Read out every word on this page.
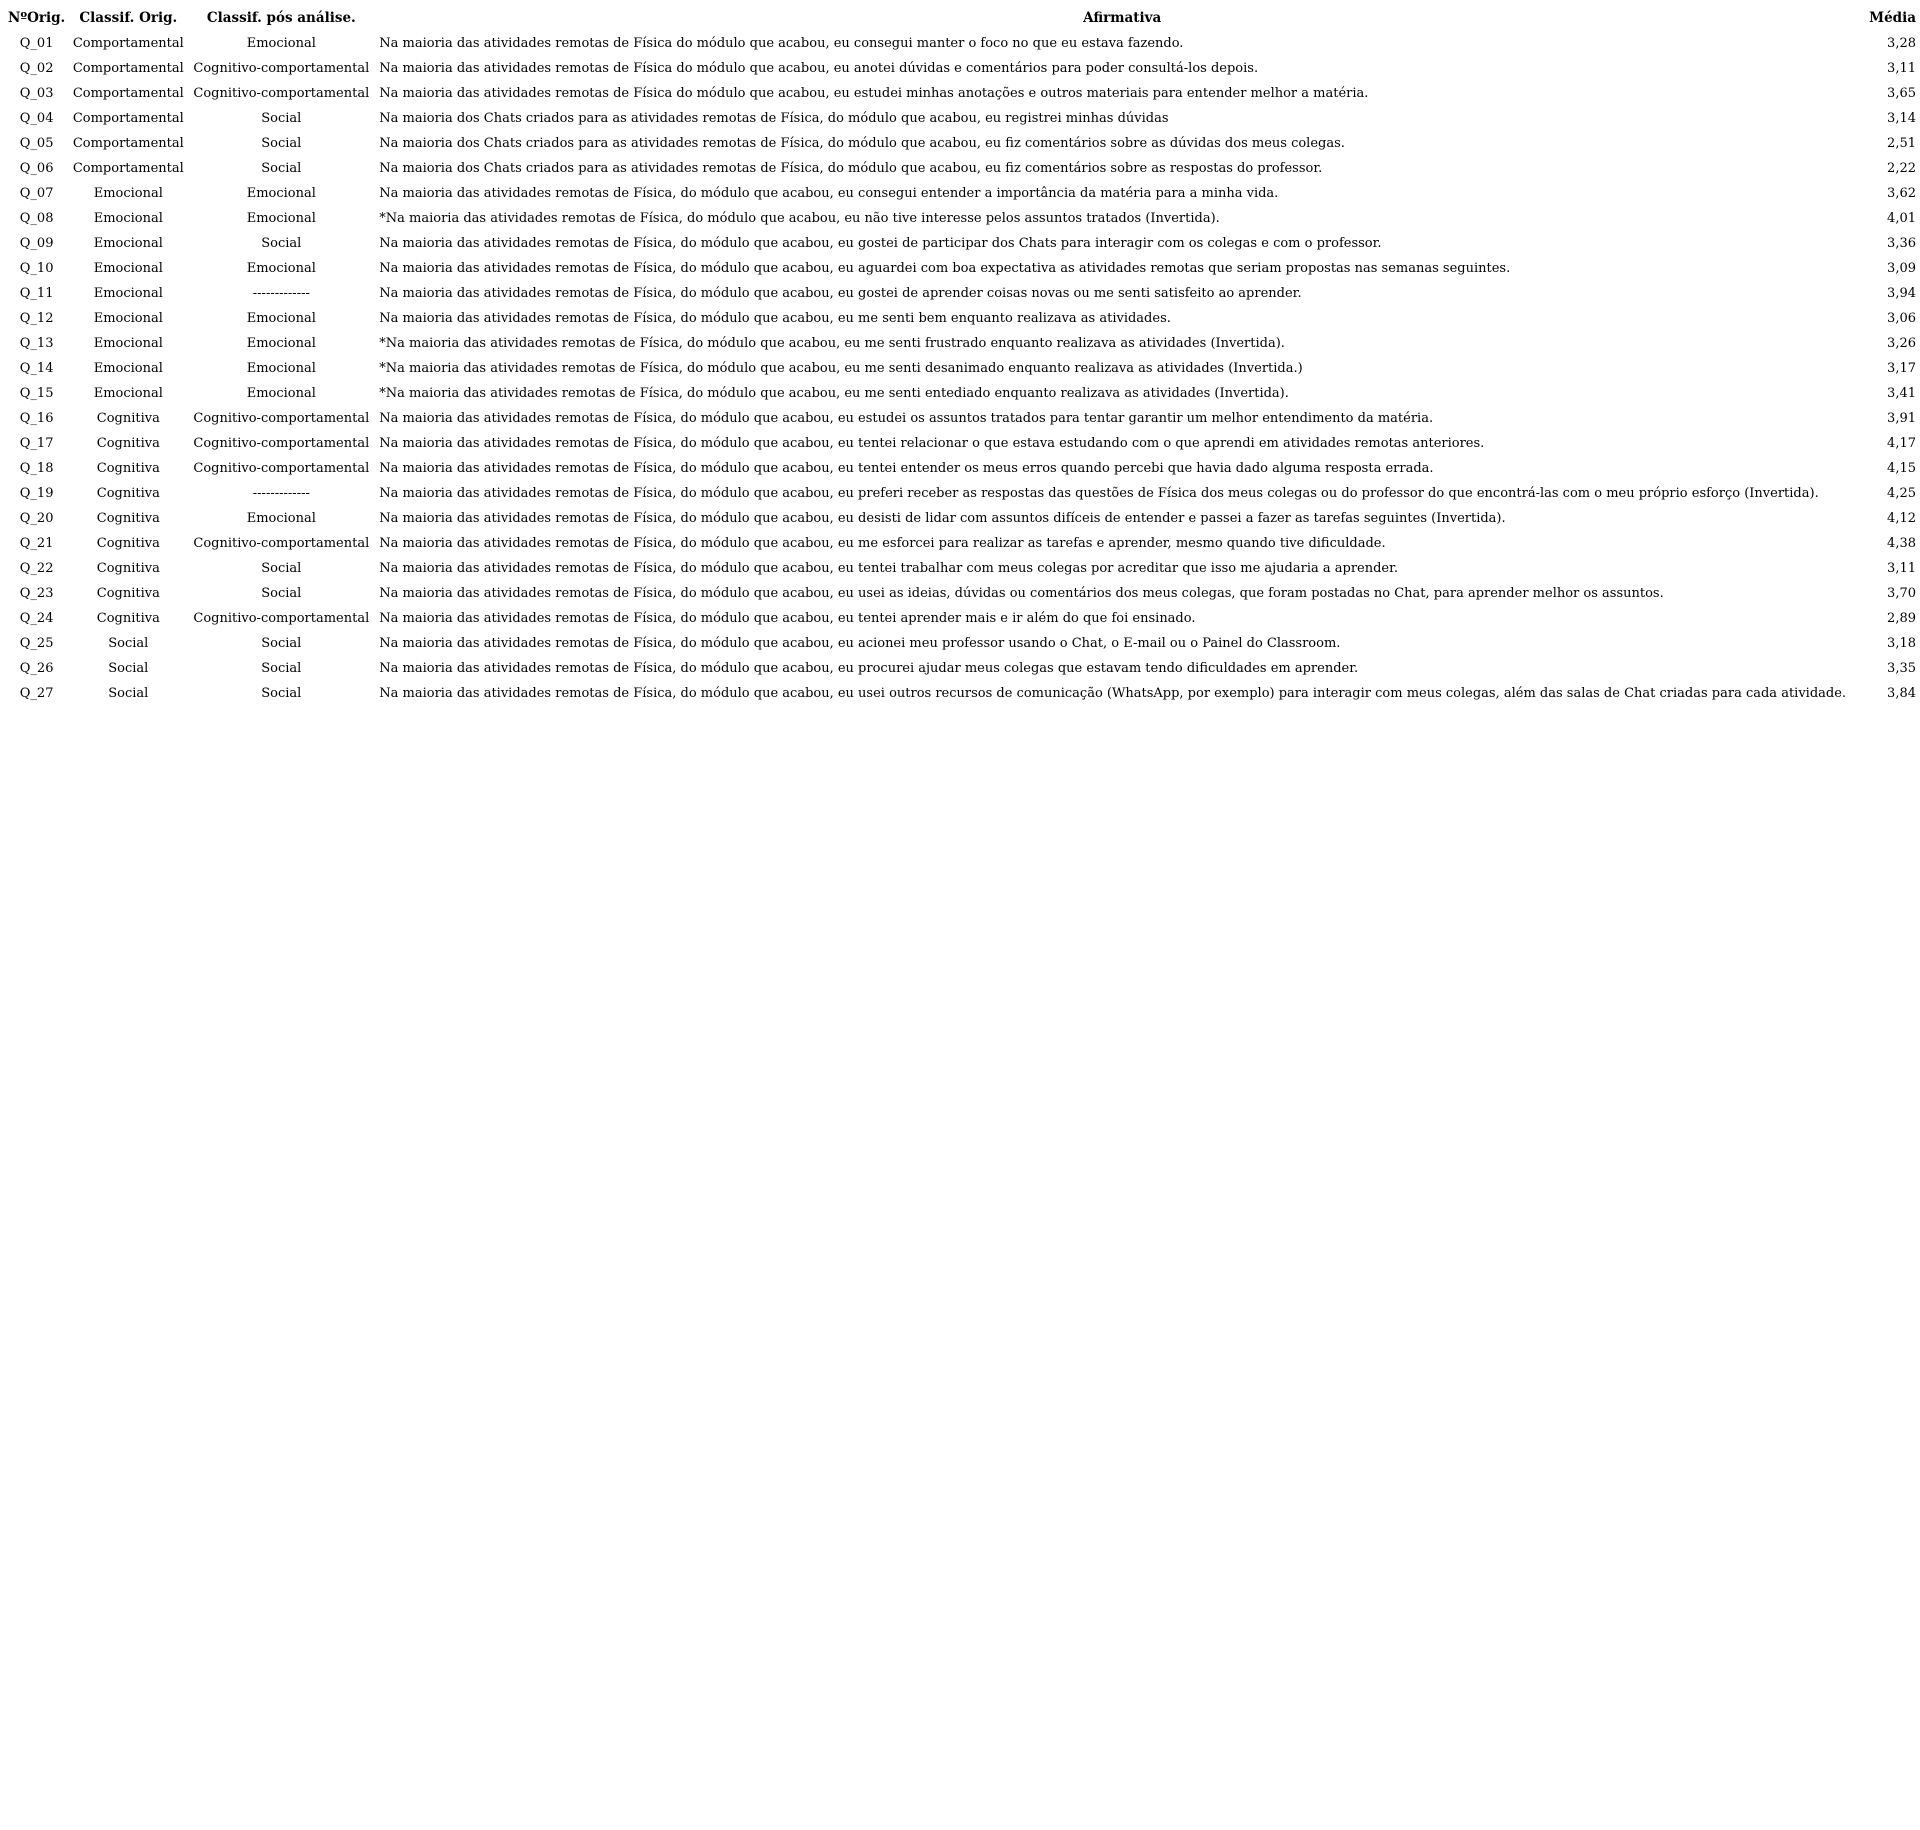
NºOrig.	Classif. Orig.	Classif. pós análise.	Afirmativa	Média
Q_01	Comportamental	Emocional	Na maioria das atividades remotas de Física do módulo que acabou, eu consegui manter o foco no que eu estava fazendo.	3,28
Q_02	Comportamental	Cognitivo-comportamental	Na maioria das atividades remotas de Física do módulo que acabou, eu anotei dúvidas e comentários para poder consultá-los depois.	3,11
Q_03	Comportamental	Cognitivo-comportamental	Na maioria das atividades remotas de Física do módulo que acabou, eu estudei minhas anotações e outros materiais para entender melhor a matéria.	3,65
Q_04	Comportamental	Social	Na maioria dos Chats criados para as atividades remotas de Física, do módulo que acabou, eu registrei minhas dúvidas	3,14
Q_05	Comportamental	Social	Na maioria dos Chats criados para as atividades remotas de Física, do módulo que acabou, eu fiz comentários sobre as dúvidas dos meus colegas.	2,51
Q_06	Comportamental	Social	Na maioria dos Chats criados para as atividades remotas de Física, do módulo que acabou, eu fiz comentários sobre as respostas do professor.	2,22
Q_07	Emocional	Emocional	Na maioria das atividades remotas de Física, do módulo que acabou, eu consegui entender a importância da matéria para a minha vida.	3,62
Q_08	Emocional	Emocional	*Na maioria das atividades remotas de Física, do módulo que acabou, eu não tive interesse pelos assuntos tratados (Invertida).	4,01
Q_09	Emocional	Social	Na maioria das atividades remotas de Física, do módulo que acabou, eu gostei de participar dos Chats para interagir com os colegas e com o professor.	3,36
Q_10	Emocional	Emocional	Na maioria das atividades remotas de Física, do módulo que acabou, eu aguardei com boa expectativa as atividades remotas que seriam propostas nas semanas seguintes.	3,09
Q_11	Emocional	-------------	Na maioria das atividades remotas de Física, do módulo que acabou, eu gostei de aprender coisas novas ou me senti satisfeito ao aprender.	3,94
Q_12	Emocional	Emocional	Na maioria das atividades remotas de Física, do módulo que acabou, eu me senti bem enquanto realizava as atividades.	3,06
Q_13	Emocional	Emocional	*Na maioria das atividades remotas de Física, do módulo que acabou, eu me senti frustrado enquanto realizava as atividades (Invertida).	3,26
Q_14	Emocional	Emocional	*Na maioria das atividades remotas de Física, do módulo que acabou, eu me senti desanimado enquanto realizava as atividades (Invertida.)	3,17
Q_15	Emocional	Emocional	*Na maioria das atividades remotas de Física, do módulo que acabou, eu me senti entediado enquanto realizava as atividades (Invertida).	3,41
Q_16	Cognitiva	Cognitivo-comportamental	Na maioria das atividades remotas de Física, do módulo que acabou, eu estudei os assuntos tratados para tentar garantir um melhor entendimento da matéria.	3,91
Q_17	Cognitiva	Cognitivo-comportamental	Na maioria das atividades remotas de Física, do módulo que acabou, eu tentei relacionar o que estava estudando com o que aprendi em atividades remotas anteriores.	4,17
Q_18	Cognitiva	Cognitivo-comportamental	Na maioria das atividades remotas de Física, do módulo que acabou, eu tentei entender os meus erros quando percebi que havia dado alguma resposta errada.	4,15
Q_19	Cognitiva	-------------	Na maioria das atividades remotas de Física, do módulo que acabou, eu preferi receber as respostas das questões de Física dos meus colegas ou do professor do que encontrá-las com o meu próprio esforço (Invertida).	4,25
Q_20	Cognitiva	Emocional	Na maioria das atividades remotas de Física, do módulo que acabou, eu desisti de lidar com assuntos difíceis de entender e passei a fazer as tarefas seguintes (Invertida).	4,12
Q_21	Cognitiva	Cognitivo-comportamental	Na maioria das atividades remotas de Física, do módulo que acabou, eu me esforcei para realizar as tarefas e aprender, mesmo quando tive dificuldade.	4,38
Q_22	Cognitiva	Social	Na maioria das atividades remotas de Física, do módulo que acabou, eu tentei trabalhar com meus colegas por acreditar que isso me ajudaria a aprender.	3,11
Q_23	Cognitiva	Social	Na maioria das atividades remotas de Física, do módulo que acabou, eu usei as ideias, dúvidas ou comentários dos meus colegas, que foram postadas no Chat, para aprender melhor os assuntos.	3,70
Q_24	Cognitiva	Cognitivo-comportamental	Na maioria das atividades remotas de Física, do módulo que acabou, eu tentei aprender mais e ir além do que foi ensinado.	2,89
Q_25	Social	Social	Na maioria das atividades remotas de Física, do módulo que acabou, eu acionei meu professor usando o Chat, o E-mail ou o Painel do Classroom.	3,18
Q_26	Social	Social	Na maioria das atividades remotas de Física, do módulo que acabou, eu procurei ajudar meus colegas que estavam tendo dificuldades em aprender.	3,35
Q_27	Social	Social	Na maioria das atividades remotas de Física, do módulo que acabou, eu usei outros recursos de comunicação (WhatsApp, por exemplo) para interagir com meus colegas, além das salas de Chat criadas para cada atividade.	3,84
